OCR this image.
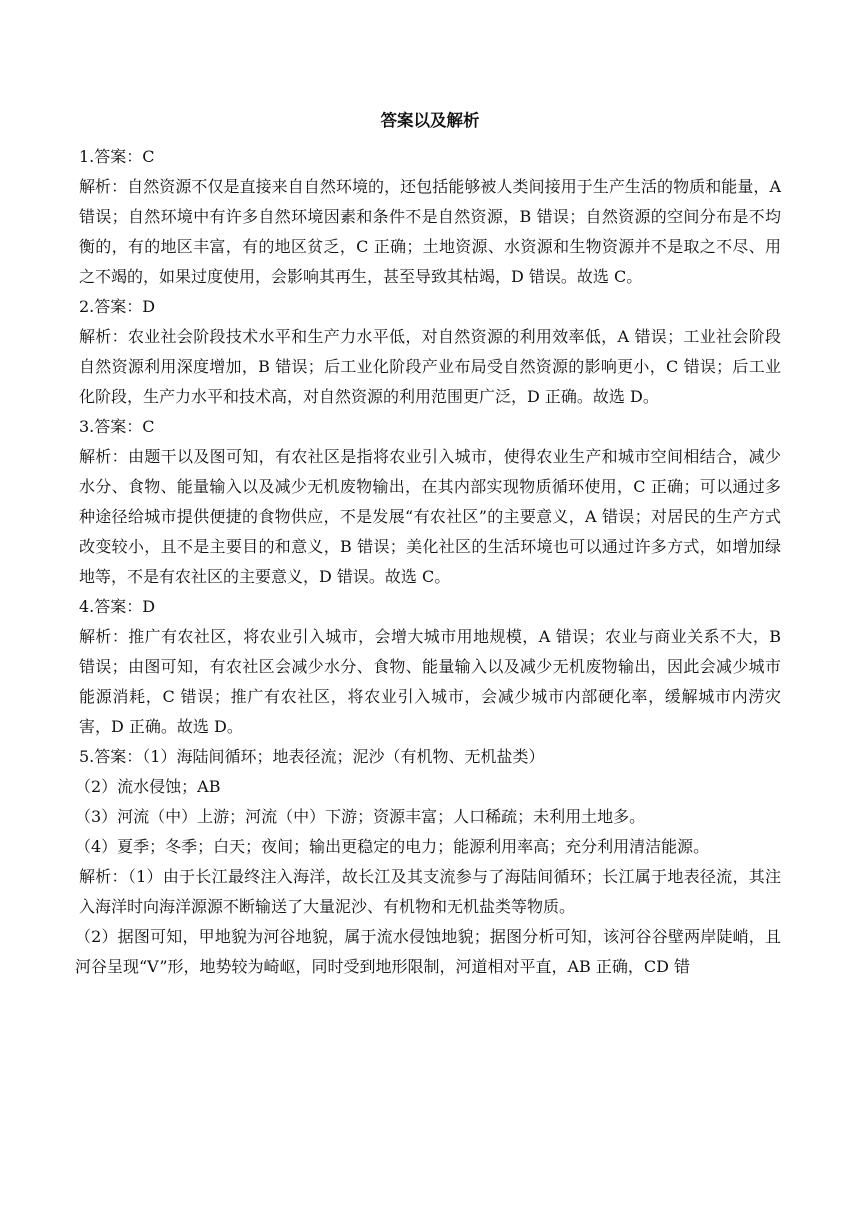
答案以及解析

1.答案：C

解析：自然资源不仅是直接来自自然环境的，还包括能够被人类间接用于生产生活的物质和能量，A 错误；自然环境中有许多自然环境因素和条件不是自然资源，B 错误；自然资源的空间分布是不均衡的，有的地区丰富，有的地区贫乏，C 正确；土地资源、水资源和生物资源并不是取之不尽、用之不竭的，如果过度使用，会影响其再生，甚至导致其枯竭，D 错误。故选 C。

2.答案：D

解析：农业社会阶段技术水平和生产力水平低，对自然资源的利用效率低，A 错误；工业社会阶段自然资源利用深度增加，B 错误；后工业化阶段产业布局受自然资源的影响更小，C 错误；后工业化阶段，生产力水平和技术高，对自然资源的利用范围更广泛，D 正确。故选 D。

3.答案：C

解析：由题干以及图可知，有农社区是指将农业引入城市，使得农业生产和城市空间相结合，减少水分、食物、能量输入以及减少无机废物输出，在其内部实现物质循环使用，C 正确；可以通过多种途径给城市提供便捷的食物供应，不是发展“有农社区”的主要意义，A 错误；对居民的生产方式改变较小，且不是主要目的和意义，B 错误；美化社区的生活环境也可以通过许多方式，如增加绿地等，不是有农社区的主要意义，D 错误。故选 C。

4.答案：D

解析：推广有农社区，将农业引入城市，会增大城市用地规模，A 错误；农业与商业关系不大，B 错误；由图可知，有农社区会减少水分、食物、能量输入以及减少无机废物输出，因此会减少城市能源消耗，C 错误；推广有农社区，将农业引入城市，会减少城市内部硬化率，缓解城市内涝灾害，D 正确。故选 D。

5.答案：（1）海陆间循环；地表径流；泥沙（有机物、无机盐类）

（2）流水侵蚀；AB

（3）河流（中）上游；河流（中）下游；资源丰富；人口稀疏；未利用土地多。

（4）夏季；冬季；白天；夜间；输出更稳定的电力；能源利用率高；充分利用清洁能源。

解析：（1）由于长江最终注入海洋，故长江及其支流参与了海陆间循环；长江属于地表径流，其注入海洋时向海洋源源不断输送了大量泥沙、有机物和无机盐类等物质。

（2）据图可知，甲地貌为河谷地貌，属于流水侵蚀地貌；据图分析可知，该河谷谷壁两岸陡峭，且河谷呈现“V”形，地势较为崎岖，同时受到地形限制，河道相对平直，AB 正确，CD 错
